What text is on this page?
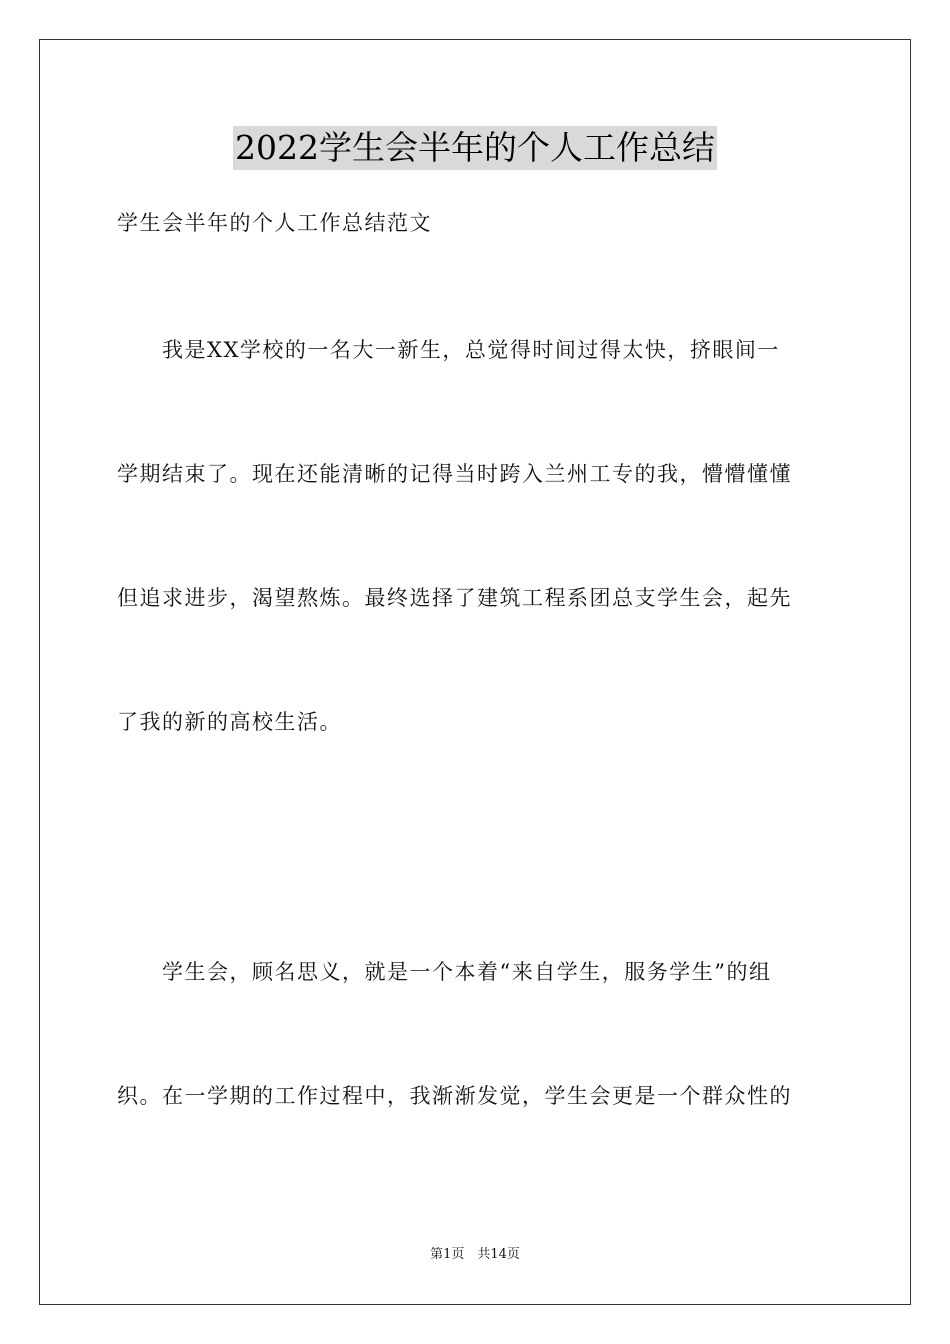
2022学生会半年的个人工作总结
学生会半年的个人工作总结范文
　　我是XX学校的一名大一新生，总觉得时间过得太快，挤眼间一
学期结束了。现在还能清晰的记得当时跨入兰州工专的我，懵懵懂懂
但追求进步，渴望熬炼。最终选择了建筑工程系团总支学生会，起先
了我的新的高校生活。
　　学生会，顾名思义，就是一个本着“来自学生，服务学生”的组
织。在一学期的工作过程中，我渐渐发觉，学生会更是一个群众性的
第1页　共14页
